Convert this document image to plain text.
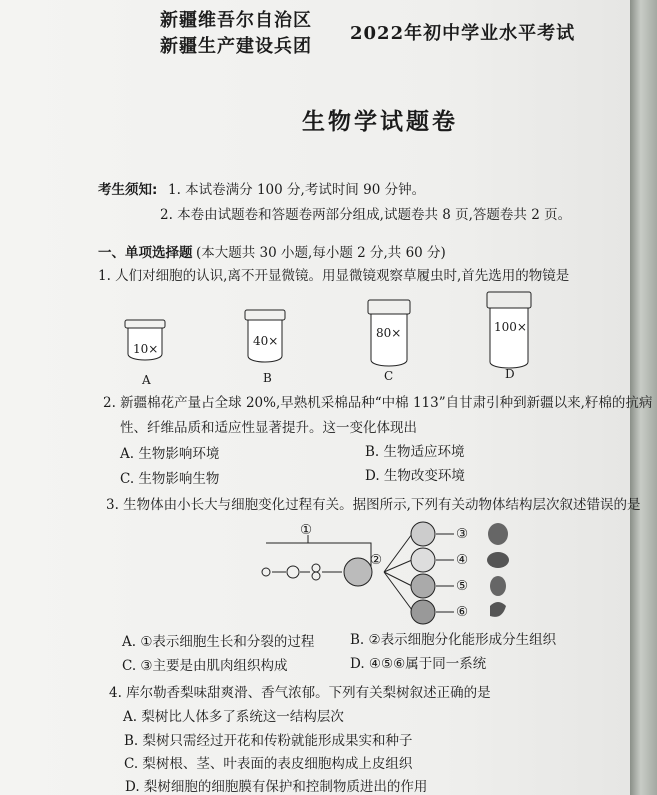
新疆维吾尔自治区
新疆生产建设兵团
2022年初中学业水平考试
生物学试题卷
考生须知: 1. 本试卷满分 100 分,考试时间 90 分钟。
2. 本卷由试题卷和答题卷两部分组成,试题卷共 8 页,答题卷共 2 页。
一、单项选择题 (本大题共 30 小题,每小题 2 分,共 60 分)
1. 人们对细胞的认识,离不开显微镜。用显微镜观察草履虫时,首先选用的物镜是
10×
40×
80×	100×
A	B	C	D
2. 新疆棉花产量占全球 20%,早熟机采棉品种“中棉 113”自甘肃引种到新疆以来,籽棉的抗病
性、纤维品质和适应性显著提升。这一变化体现出
A. 生物影响环境	B. 生物适应环境
C. 生物影响生物	D. 生物改变环境
3. 生物体由小长大与细胞变化过程有关。据图所示,下列有关动物体结构层次叙述错误的是
①
②
③
④
⑤
⑥
A. ①表示细胞生长和分裂的过程	B. ②表示细胞分化能形成分生组织
C. ③主要是由肌肉组织构成	D. ④⑤⑥属于同一系统
4. 库尔勒香梨味甜爽滑、香气浓郁。下列有关梨树叙述正确的是
A. 梨树比人体多了系统这一结构层次
B. 梨树只需经过开花和传粉就能形成果实和种子
C. 梨树根、茎、叶表面的表皮细胞构成上皮组织
D. 梨树细胞的细胞膜有保护和控制物质进出的作用
